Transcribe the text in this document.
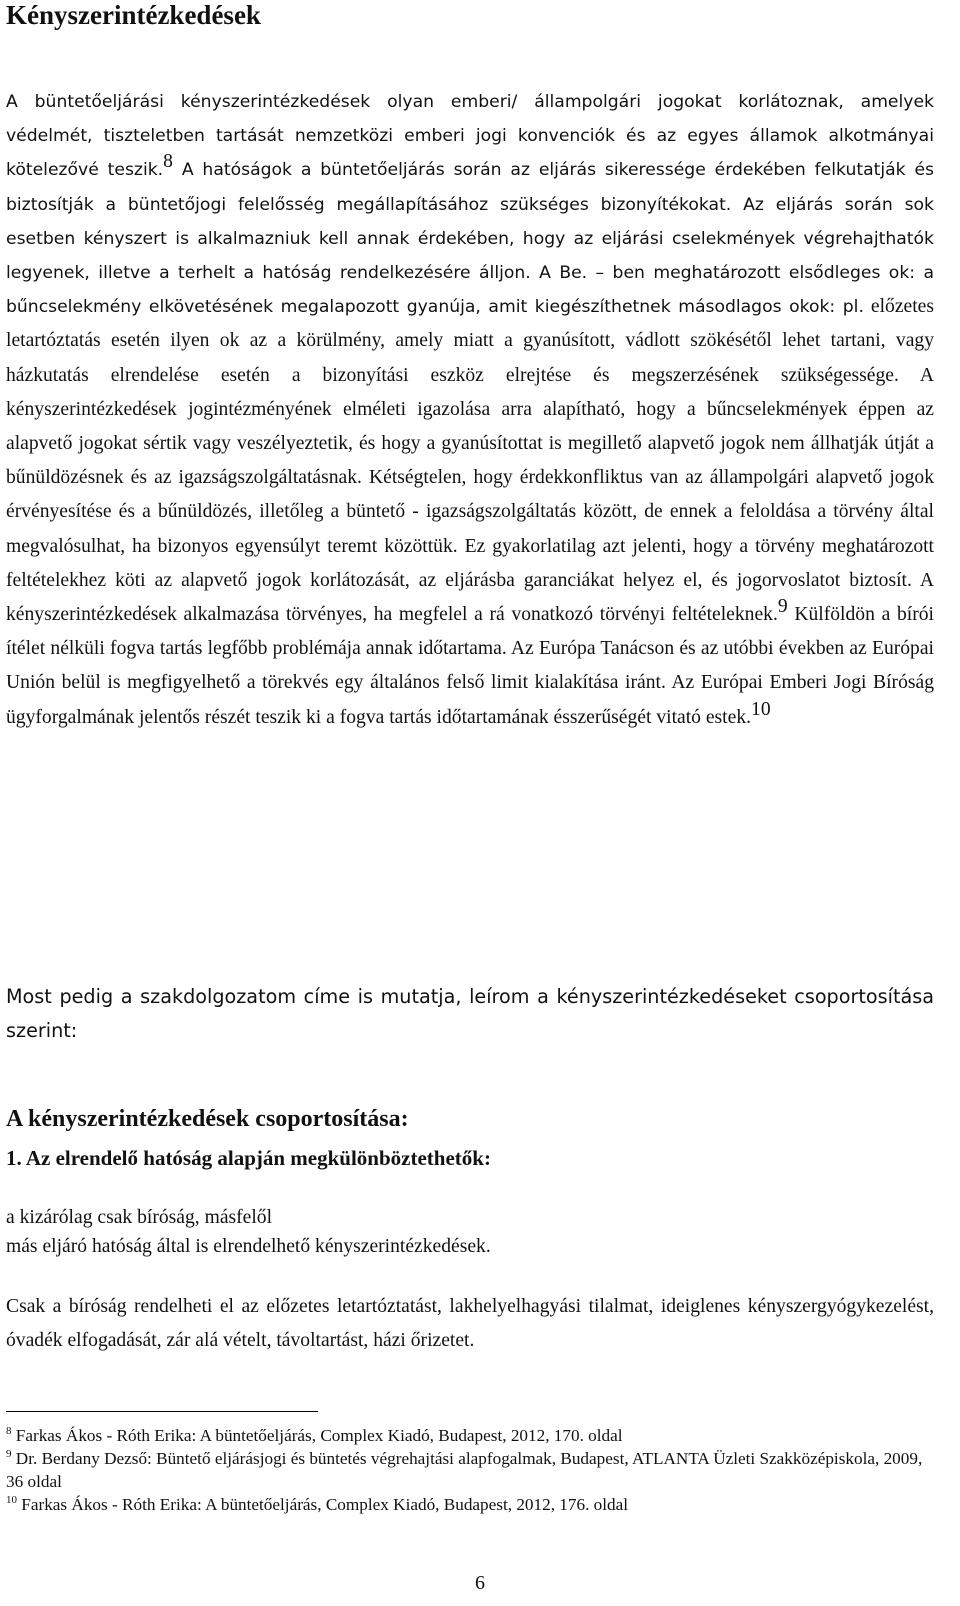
Kényszerintézkedések

A büntetőeljárási kényszerintézkedések olyan emberi/ állampolgári jogokat korlátoznak, amelyek védelmét, tiszteletben tartását nemzetközi emberi jogi konvenciók és az egyes államok alkotmányai kötelezővé teszik.$^8$ A hatóságok a büntetőeljárás során az eljárás sikeressége érdekében felkutatják és biztosítják a büntetőjogi felelősség megállapításához szükséges bizonyítékokat. Az eljárás során sok esetben kényszert is alkalmazniuk kell annak érdekében, hogy az eljárási cselekmények végrehajthatók legyenek, illetve a terhelt a hatóság rendelkezésére álljon. A Be. – ben meghatározott elsődleges ok: a bűncselekmény elkövetésének megalapozott gyanúja, amit kiegészíthetnek másodlagos okok: pl. előzetes letartóztatás esetén ilyen ok az a körülmény, amely miatt a gyanúsított, vádlott szökésétől lehet tartani, vagy házkutatás elrendelése esetén a bizonyítási eszköz elrejtése és megszerzésének szükségessége. A kényszerintézkedések jogintézményének elméleti igazolása arra alapítható, hogy a bűncselekmények éppen az alapvető jogokat sértik vagy veszélyeztetik, és hogy a gyanúsítottat is megillető alapvető jogok nem állhatják útját a bűnüldözésnek és az igazságszolgáltatásnak. Kétségtelen, hogy érdekkonfliktus van az állampolgári alapvető jogok érvényesítése és a bűnüldözés, illetőleg a büntető - igazságszolgáltatás között, de ennek a feloldása a törvény által megvalósulhat, ha bizonyos egyensúlyt teremt közöttük. Ez gyakorlatilag azt jelenti, hogy a törvény meghatározott feltételekhez köti az alapvető jogok korlátozását, az eljárásba garanciákat helyez el, és jogorvoslatot biztosít. A kényszerintézkedések alkalmazása törvényes, ha megfelel a rá vonatkozó törvényi feltételeknek.$^9$ Külföldön a bírói ítélet nélküli fogva tartás legfőbb problémája annak időtartama. Az Európa Tanácson és az utóbbi években az Európai Unión belül is megfigyelhető a törekvés egy általános felső limit kialakítása iránt. Az Európai Emberi Jogi Bíróság ügyforgalmának jelentős részét teszik ki a fogva tartás időtartamának ésszerűségét vitató estek.$^{10}$

Most pedig a szakdolgozatom címe is mutatja, leírom a kényszerintézkedéseket csoportosítása szerint:

A kényszerintézkedések csoportosítása:
1. Az elrendelő hatóság alapján megkülönböztethetők:

a kizárólag csak bíróság, másfelől

más eljáró hatóság által is elrendelhető kényszerintézkedések.

Csak a bíróság rendelheti el az előzetes letartóztatást, lakhelyelhagyási tilalmat, ideiglenes kényszergyógykezelést, óvadék elfogadását, zár alá vételt, távoltartást, házi őrizetet.

$^8$ Farkas Ákos - Róth Erika: A büntetőeljárás, Complex Kiadó, Budapest, 2012, 170. oldal

$^9$ Dr. Berdany Dezső: Büntető eljárásjogi és büntetés végrehajtási alapfogalmak, Budapest, ATLANTA Üzleti Szakközépiskola, 2009, 36 oldal

$^{10}$ Farkas Ákos - Róth Erika: A büntetőeljárás, Complex Kiadó, Budapest, 2012, 176. oldal

6
